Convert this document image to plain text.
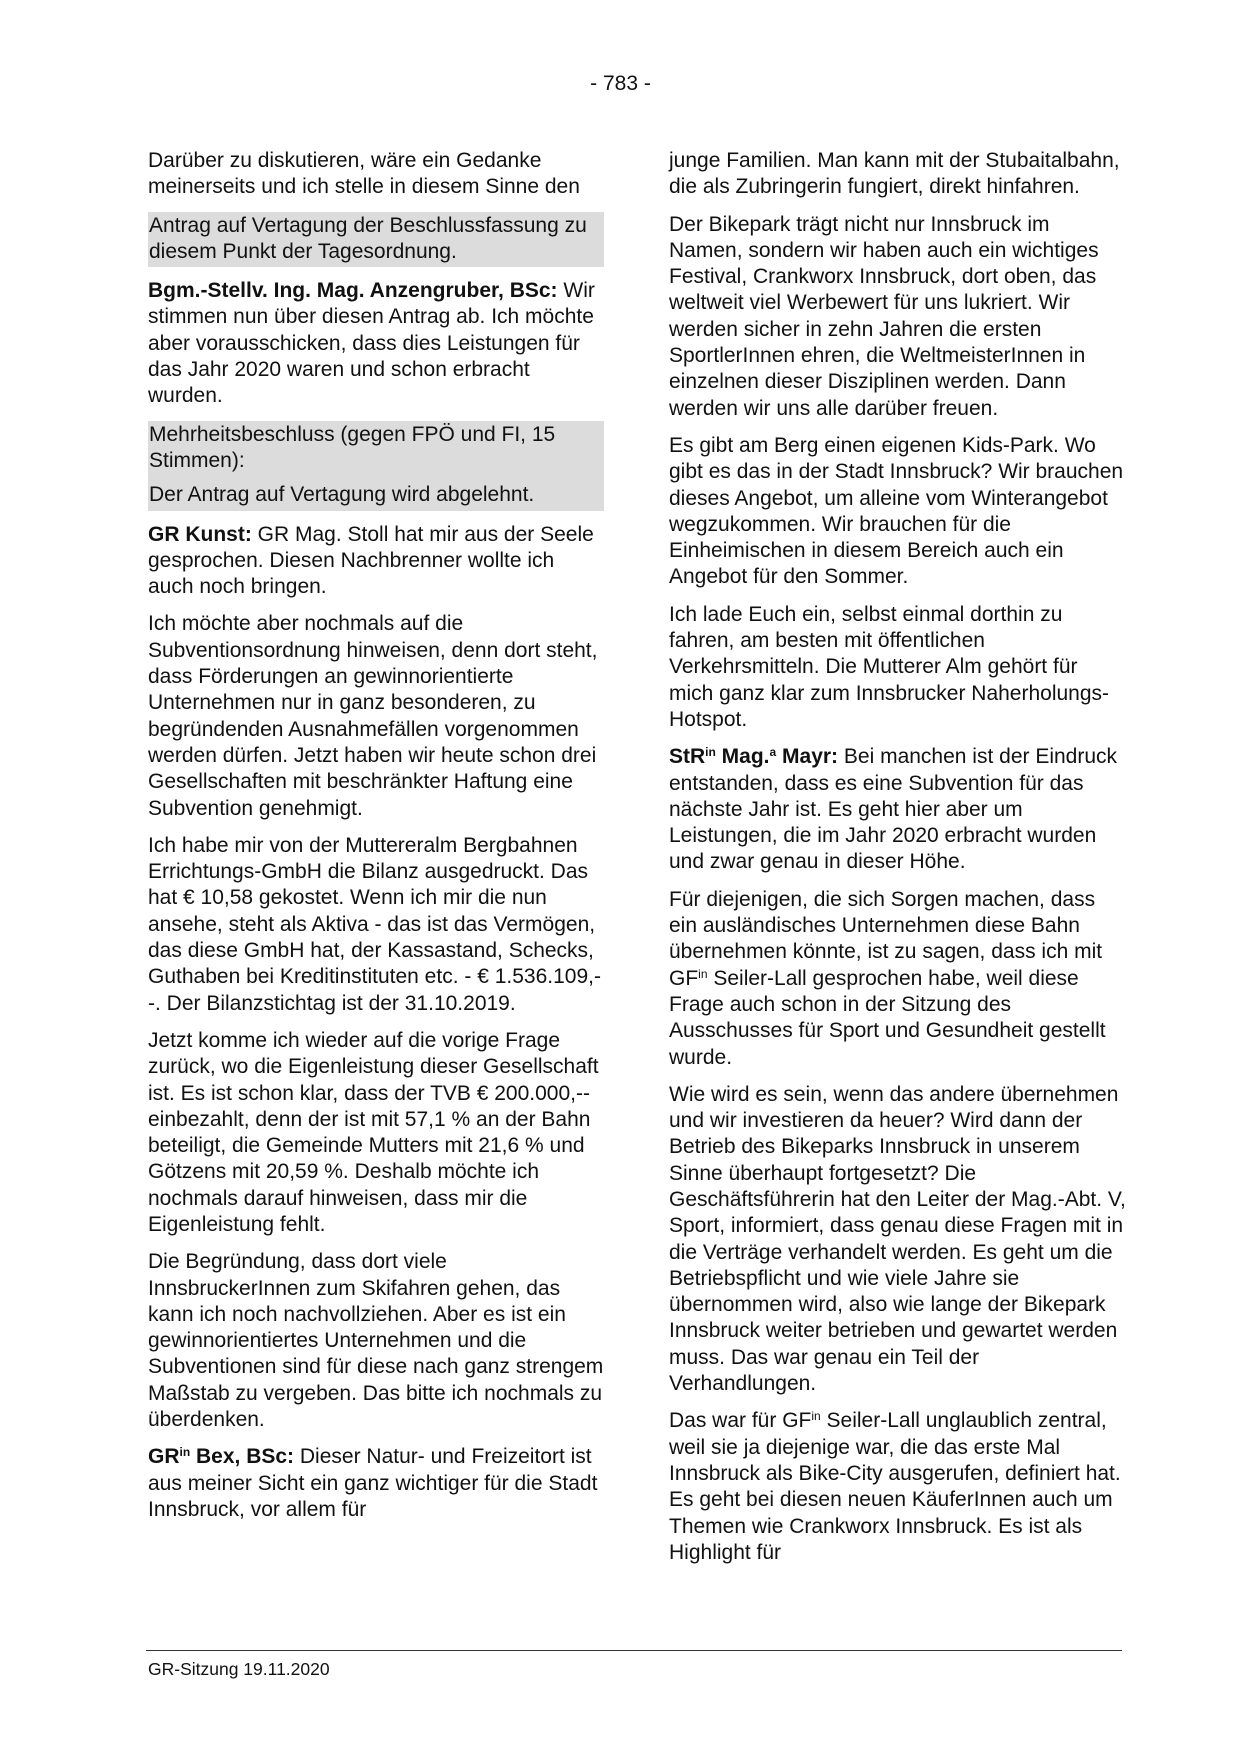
- 783 -

Darüber zu diskutieren, wäre ein Gedanke meinerseits und ich stelle in diesem Sinne den

Antrag auf Vertagung der Beschlussfassung zu diesem Punkt der Tagesordnung.

Bgm.-Stellv. Ing. Mag. Anzengruber, BSc: Wir stimmen nun über diesen Antrag ab. Ich möchte aber vorausschicken, dass dies Leistungen für das Jahr 2020 waren und schon erbracht wurden.

Mehrheitsbeschluss (gegen FPÖ und FI, 15 Stimmen):

Der Antrag auf Vertagung wird abgelehnt.

GR Kunst: GR Mag. Stoll hat mir aus der Seele gesprochen. Diesen Nachbrenner wollte ich auch noch bringen.

Ich möchte aber nochmals auf die Subventionsordnung hinweisen, denn dort steht, dass Förderungen an gewinnorientierte Unternehmen nur in ganz besonderen, zu begründenden Ausnahmefällen vorgenommen werden dürfen. Jetzt haben wir heute schon drei Gesellschaften mit beschränkter Haftung eine Subvention genehmigt.

Ich habe mir von der Muttereralm Bergbahnen Errichtungs-GmbH die Bilanz ausgedruckt. Das hat € 10,58 gekostet. Wenn ich mir die nun ansehe, steht als Aktiva - das ist das Vermögen, das diese GmbH hat, der Kassastand, Schecks, Guthaben bei Kreditinstituten etc. - € 1.536.109,--. Der Bilanzstichtag ist der 31.10.2019.

Jetzt komme ich wieder auf die vorige Frage zurück, wo die Eigenleistung dieser Gesellschaft ist. Es ist schon klar, dass der TVB € 200.000,-- einbezahlt, denn der ist mit 57,1 % an der Bahn beteiligt, die Gemeinde Mutters mit 21,6 % und Götzens mit 20,59 %. Deshalb möchte ich nochmals darauf hinweisen, dass mir die Eigenleistung fehlt.

Die Begründung, dass dort viele InnsbruckerInnen zum Skifahren gehen, das kann ich noch nachvollziehen. Aber es ist ein gewinnorientiertes Unternehmen und die Subventionen sind für diese nach ganz strengem Maßstab zu vergeben. Das bitte ich nochmals zu überdenken.

$GR^{in}$ Bex, BSc: Dieser Natur- und Freizeitort ist aus meiner Sicht ein ganz wichtiger für die Stadt Innsbruck, vor allem für

junge Familien. Man kann mit der Stubaitalbahn, die als Zubringerin fungiert, direkt hinfahren.

Der Bikepark trägt nicht nur Innsbruck im Namen, sondern wir haben auch ein wichtiges Festival, Crankworx Innsbruck, dort oben, das weltweit viel Werbewert für uns lukriert. Wir werden sicher in zehn Jahren die ersten SportlerInnen ehren, die WeltmeisterInnen in einzelnen dieser Disziplinen werden. Dann werden wir uns alle darüber freuen.

Es gibt am Berg einen eigenen Kids-Park. Wo gibt es das in der Stadt Innsbruck? Wir brauchen dieses Angebot, um alleine vom Winterangebot wegzukommen. Wir brauchen für die Einheimischen in diesem Bereich auch ein Angebot für den Sommer.

Ich lade Euch ein, selbst einmal dorthin zu fahren, am besten mit öffentlichen Verkehrsmitteln. Die Mutterer Alm gehört für mich ganz klar zum Innsbrucker Naherholungs-Hotspot.

StR$^{in}$ Mag.$^a$ Mayr: Bei manchen ist der Eindruck entstanden, dass es eine Subvention für das nächste Jahr ist. Es geht hier aber um Leistungen, die im Jahr 2020 erbracht wurden und zwar genau in dieser Höhe.

Für diejenigen, die sich Sorgen machen, dass ein ausländisches Unternehmen diese Bahn übernehmen könnte, ist zu sagen, dass ich mit $GF^{in}$ Seiler-Lall gesprochen habe, weil diese Frage auch schon in der Sitzung des Ausschusses für Sport und Gesundheit gestellt wurde.

Wie wird es sein, wenn das andere übernehmen und wir investieren da heuer? Wird dann der Betrieb des Bikeparks Innsbruck in unserem Sinne überhaupt fortgesetzt? Die Geschäftsführerin hat den Leiter der Mag.-Abt. V, Sport, informiert, dass genau diese Fragen mit in die Verträge verhandelt werden. Es geht um die Betriebspflicht und wie viele Jahre sie übernommen wird, also wie lange der Bikepark Innsbruck weiter betrieben und gewartet werden muss. Das war genau ein Teil der Verhandlungen.

Das war für $GF^{in}$ Seiler-Lall unglaublich zentral, weil sie ja diejenige war, die das erste Mal Innsbruck als Bike-City ausgerufen, definiert hat. Es geht bei diesen neuen KäuferInnen auch um Themen wie Crankworx Innsbruck. Es ist als Highlight für

GR-Sitzung 19.11.2020
